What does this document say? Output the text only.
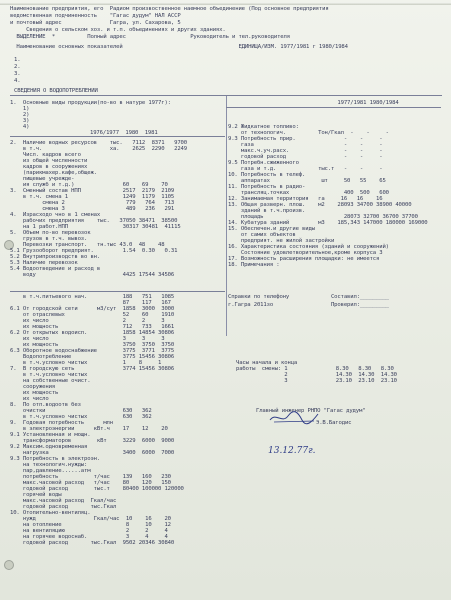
Наименование предприятия, его  Радиом произвоственное наемное объединение (Под основное предприятия
ведомственная подчиненность    "Гагас дудум" НАЛ АССР
и почтовый адрес               Гагра, ул. Сахарова, 5
Сведения о сельском хоз. и т.п. объединениях и других зданиях.
ВЫДЕЛЕНИЕ  *          Полный адрес                    Руководитель и тел.руководителя
Наименование основных показателей                                    ЕДИНИЦА/ИЗМ. 1977/1981 г 1980/1984
1.
2.
3.
4.
СВЕДЕНИЯ О ВОДОПОТРЕБЛЕНИИ
1.  Основные виды продукции(по-во в натуре 1977г):
1)
2)
3)
4)
1976/1977  1980  1981
2.  Наличие водных ресурсов    тыс.   7112  8371   9700
в т.ч.                     ха.    2625  2290   2249
Числ. кадров всего
из общей численности
кадров в сооружениях
(парикмахер.кафе,общеж.
пищевые учрежде-
ия служб и т.д.)               60    69    70
3.  Сменный состав НПП             2517  2179  2109
в т.ч. смена 1                 1249  1179  1105
смена 2                   779   764   713
смена 3                   489   236   291
4.  Израсходо чно в 1 сменах
рабочих предприятия    тыс.   37050 38471  38500
на 1 работ.НПП                 30317 30481  41115
5.  Объем по-во перевозок
грузов в т.ч. вывоз.
Перевозки транспорт.   тн.тыс 43.0  48    48
5.1 Грузооборот предприят.         1.54  0.30   0.31
5.2 Внутрипроизводств во вн.
5.3 Наличие перевозок
5.4 Водоотведение и расход в
воду                           4425 17544 34506
в т.ч.питьевого нач.           188   751   1085
87    117   167
6.1 От городской сети      м3/сут  1858  3000  3000
от отраслевых                  52    60    1910
их число                       2     2     3
их мощность                    712   733   1661
6.2 От открытых водоисп.           1858 14854 30806
их число                       3     3     3
их мощность                    3750  3750  3750
6.3 Оборотное водоснабжение        3775  3771  3775
Водопотребление                3775 15456 30806
в т.ч.условно чистых           1    8     1
7.  В городскую сеть               3774 15456 30806
в т.ч.условно чистых
на собственные очист.
сооружения
их мощность
их число
8.  По отп.водоотв без
очистки                        630   362
в т.ч.условно чистых           630   362
9.  Годовая потребность      млн
в электроэнергии      кВт.ч    17    12    20
9.1 Установленная и мощн.
трансформаторов        кВт     3229  6000  9000
9.2 Максим.одновременная
нагрузка                       3400  6000  7000
9.3 Потребность в электроэн.
на технологич.нужды:
пар,давление......атм
потребность           т/час    139   160   230
макс.часовой расход   т/час    80    120   150
годовой расход        тыс.т    80400 100000 120000
горячей воды
макс.часовой расход  Гкал/час
годовой расход       тыс.Гкал
10. Отопительно-вентиляц.
нужд                  Гкал/час  10    16    20
на отопление                    8     10    12
на вентиляцию                   2     2     4
на горячее водоснаб.            3     4     4
годовой расход       тыс.Гкал  9502 20346 30840
1977/1981 1980/1984
9.2 Жидкатное топливо:
от технологич.          Тон/Гкал  -    -     -
9.3 Потребность прир.               -    -     -
газа                            -    -     -
макс.ч.уч.расх.                 -    -     -
годовой расход                  -    -     -
9.5 Потребн.сжиженного
газа и т.д.             тыс.т   -    -     -
10. Потребность в телеф.
аппаратах                шт     50   55    65
11. Потребность в радио-
трансляц.точках                 400  500   600
12. Занимаемая территория   га     16   16    16
13. Общая разверн. плош.    м2    28093 34700 38900 40000
зданий в т.ч.произв.
площадь                         28073 32700 36700 37700
14. Кубатура зданий         м3    185,343 147000 180000 169000
15. Обеспечен.и другие виды
от самих объектов
предприят. не жилой застройки
16. Характеристика состояния (зданий и сооружений)
Состояние удовлетворительное,кроме корпуса 3
17. Возможность расширения площадки: не имеется
18. Примечания :
Справки по телефону             Составил:_________
г.Гагра 2011зо                  Проверил:_________
Часы начала и конца
работы  смены: 1               8.30   8.30   8.30
2               14.30  14.30  14.30
3               23.10  23.10  23.10
Главный инженер РНПО "Гагас дудум"
Э.В.Багодис
13.12.77г.
